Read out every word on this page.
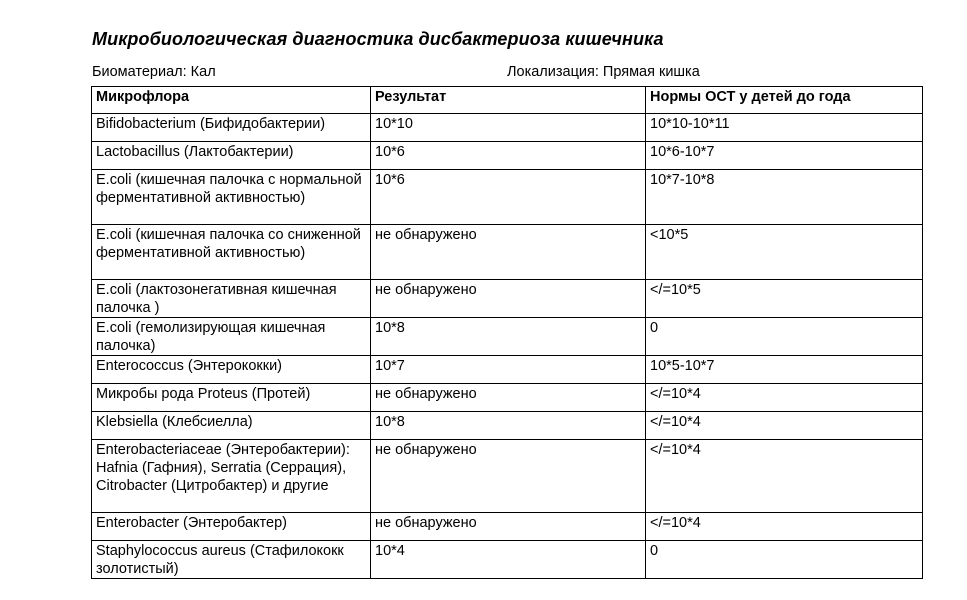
Микробиологическая диагностика дисбактериоза кишечника
Биоматериал: Кал	Локализация: Прямая кишка
Микрофлора	Результат	Нормы ОСТ у детей до года
Bifidobacterium (Бифидобактерии)	10*10	10*10-10*11
Lactobacillus (Лактобактерии)	10*6	10*6-10*7
E.coli (кишечная палочка с нормальной ферментативной активностью)	10*6	10*7-10*8
E.coli (кишечная палочка со сниженной ферментативной активностью)	не обнаружено	<10*5
E.coli (лактозонегативная кишечная палочка )	не обнаружено	</=10*5
E.coli (гемолизирующая кишечная палочка)	10*8	0
Enterococcus (Энтерококки)	10*7	10*5-10*7
Микробы рода Proteus (Протей)	не обнаружено	</=10*4
Klebsiella (Клебсиелла)	10*8	</=10*4
Enterobacteriaceae (Энтеробактерии): Hafnia (Гафния), Serratia (Серрация), Citrobacter (Цитробактер) и другие	не обнаружено	</=10*4
Enterobacter (Энтеробактер)	не обнаружено	</=10*4
Staphylococcus aureus (Стафилококк золотистый)	10*4	0
